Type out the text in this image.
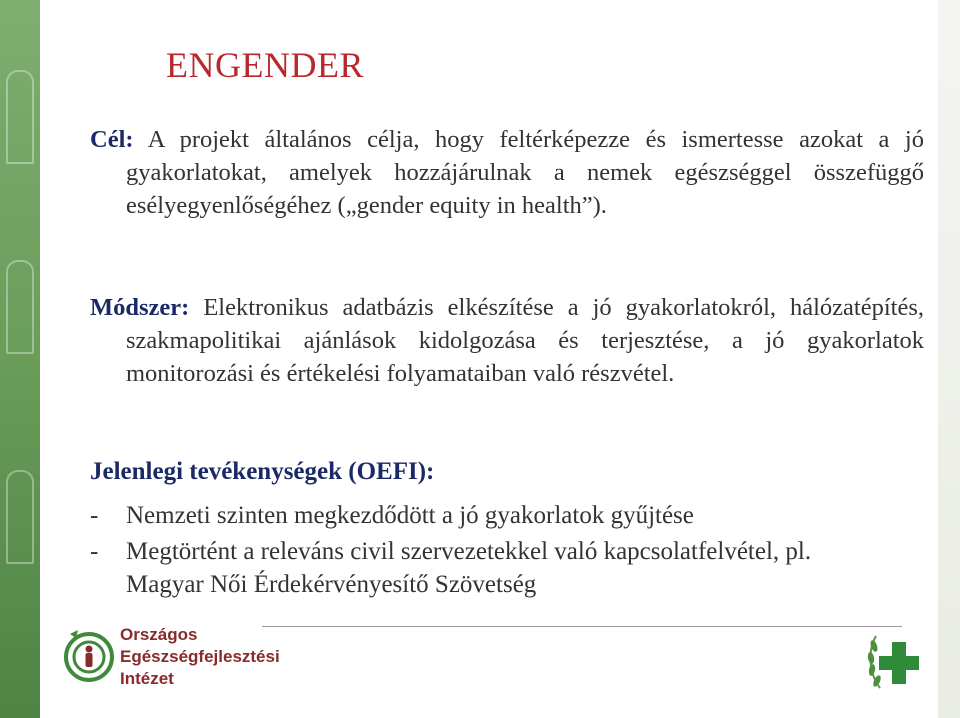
ENGENDER
Cél: A projekt általános célja, hogy feltérképezze és ismertesse azokat a jó gyakorlatokat, amelyek hozzájárulnak a nemek egészséggel összefüggő esélyegyenlőségéhez („gender equity in health”).
Módszer: Elektronikus adatbázis elkészítése a jó gyakorlatokról, hálózatépítés, szakmapolitikai ajánlások kidolgozása és terjesztése, a jó gyakorlatok monitorozási és értékelési folyamataiban való részvétel.
Jelenlegi tevékenységek (OEFI):
-	Nemzeti szinten megkezdődött a jó gyakorlatok gyűjtése
-	Megtörtént a releváns civil szervezetekkel való kapcsolatfelvétel, pl. Magyar Női Érdekérvényesítő Szövetség
Országos
Egészségfejlesztési
Intézet
